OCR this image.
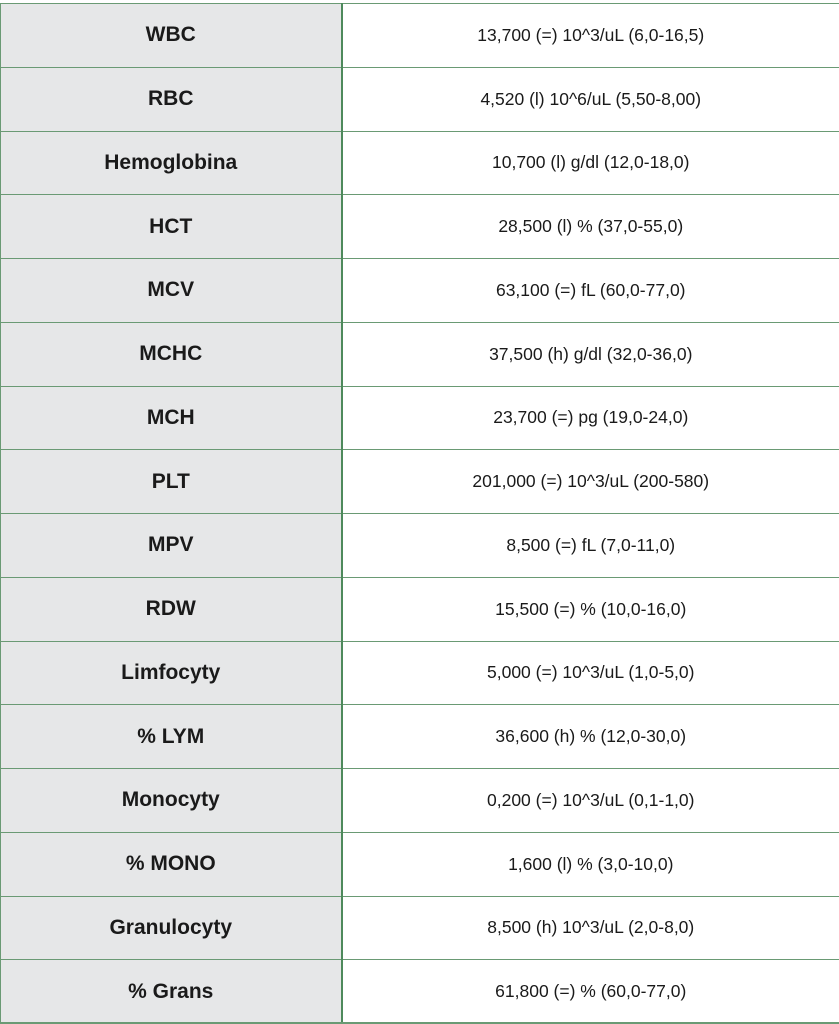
WBC	13,700 (=) 10^3/uL (6,0-16,5)
RBC	4,520 (l) 10^6/uL (5,50-8,00)
Hemoglobina	10,700 (l) g/dl (12,0-18,0)
HCT	28,500 (l) % (37,0-55,0)
MCV	63,100 (=) fL (60,0-77,0)
MCHC	37,500 (h) g/dl (32,0-36,0)
MCH	23,700 (=) pg (19,0-24,0)
PLT	201,000 (=) 10^3/uL (200-580)
MPV	8,500 (=) fL (7,0-11,0)
RDW	15,500 (=) % (10,0-16,0)
Limfocyty	5,000 (=) 10^3/uL (1,0-5,0)
% LYM	36,600 (h) % (12,0-30,0)
Monocyty	0,200 (=) 10^3/uL (0,1-1,0)
% MONO	1,600 (l) % (3,0-10,0)
Granulocyty	8,500 (h) 10^3/uL (2,0-8,0)
% Grans	61,800 (=) % (60,0-77,0)
